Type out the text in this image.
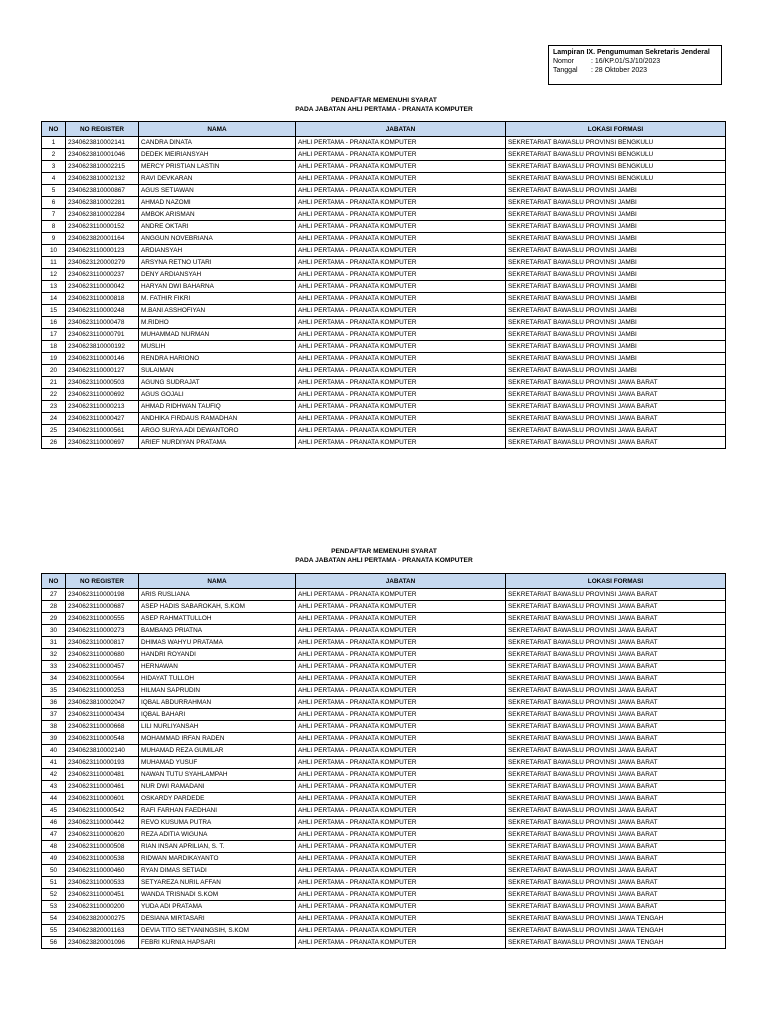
Lampiran IX. Pengumuman Sekretaris Jenderal
Nomor	: 16/KP.01/SJ/10/2023
Tanggal	: 28 Oktober 2023
PENDAFTAR MEMENUHI SYARAT
PADA JABATAN AHLI PERTAMA - PRANATA KOMPUTER
NO	NO REGISTER	NAMA	JABATAN	LOKASI FORMASI
1	2340623810002141	CANDRA DINATA	AHLI PERTAMA - PRANATA KOMPUTER	SEKRETARIAT BAWASLU PROVINSI BENGKULU
2	2340623810001046	DEDEK MEIRIANSYAH	AHLI PERTAMA - PRANATA KOMPUTER	SEKRETARIAT BAWASLU PROVINSI BENGKULU
3	2340623810002215	MERCY PRISTIAN LASTIN	AHLI PERTAMA - PRANATA KOMPUTER	SEKRETARIAT BAWASLU PROVINSI BENGKULU
4	2340623810002132	RAVI DEVKARAN	AHLI PERTAMA - PRANATA KOMPUTER	SEKRETARIAT BAWASLU PROVINSI BENGKULU
5	2340623810000867	AGUS SETIAWAN	AHLI PERTAMA - PRANATA KOMPUTER	SEKRETARIAT BAWASLU PROVINSI JAMBI
6	2340623810002281	AHMAD NAZOMI	AHLI PERTAMA - PRANATA KOMPUTER	SEKRETARIAT BAWASLU PROVINSI JAMBI
7	2340623810002284	AMBOK ARISMAN	AHLI PERTAMA - PRANATA KOMPUTER	SEKRETARIAT BAWASLU PROVINSI JAMBI
8	2340623110000152	ANDRE OKTARI	AHLI PERTAMA - PRANATA KOMPUTER	SEKRETARIAT BAWASLU PROVINSI JAMBI
9	2340623820001164	ANGGUN NOVEBRIANA	AHLI PERTAMA - PRANATA KOMPUTER	SEKRETARIAT BAWASLU PROVINSI JAMBI
10	2340623110000123	ARDIANSYAH	AHLI PERTAMA - PRANATA KOMPUTER	SEKRETARIAT BAWASLU PROVINSI JAMBI
11	2340623120000279	ARSYNA RETNO UTARI	AHLI PERTAMA - PRANATA KOMPUTER	SEKRETARIAT BAWASLU PROVINSI JAMBI
12	2340623110000237	DENY ARDIANSYAH	AHLI PERTAMA - PRANATA KOMPUTER	SEKRETARIAT BAWASLU PROVINSI JAMBI
13	2340623110000042	HARYAN DWI BAHARNA	AHLI PERTAMA - PRANATA KOMPUTER	SEKRETARIAT BAWASLU PROVINSI JAMBI
14	2340623110000818	M. FATHIR FIKRI	AHLI PERTAMA - PRANATA KOMPUTER	SEKRETARIAT BAWASLU PROVINSI JAMBI
15	2340623110000248	M.BANI ASSHOFIYAN	AHLI PERTAMA - PRANATA KOMPUTER	SEKRETARIAT BAWASLU PROVINSI JAMBI
16	2340623110000478	M.RIDHO	AHLI PERTAMA - PRANATA KOMPUTER	SEKRETARIAT BAWASLU PROVINSI JAMBI
17	2340623110000791	MUHAMMAD NURMAN	AHLI PERTAMA - PRANATA KOMPUTER	SEKRETARIAT BAWASLU PROVINSI JAMBI
18	2340623810000192	MUSLIH	AHLI PERTAMA - PRANATA KOMPUTER	SEKRETARIAT BAWASLU PROVINSI JAMBI
19	2340623110000146	RENDRA HARIONO	AHLI PERTAMA - PRANATA KOMPUTER	SEKRETARIAT BAWASLU PROVINSI JAMBI
20	2340623110000127	SULAIMAN	AHLI PERTAMA - PRANATA KOMPUTER	SEKRETARIAT BAWASLU PROVINSI JAMBI
21	2340623110000503	AGUNG SUDRAJAT	AHLI PERTAMA - PRANATA KOMPUTER	SEKRETARIAT BAWASLU PROVINSI JAWA BARAT
22	2340623110000692	AGUS GOJALI	AHLI PERTAMA - PRANATA KOMPUTER	SEKRETARIAT BAWASLU PROVINSI JAWA BARAT
23	2340623110000213	AHMAD RIDHWAN TAUFIQ	AHLI PERTAMA - PRANATA KOMPUTER	SEKRETARIAT BAWASLU PROVINSI JAWA BARAT
24	2340623110000427	ANDHIKA FIRDAUS RAMADHAN	AHLI PERTAMA - PRANATA KOMPUTER	SEKRETARIAT BAWASLU PROVINSI JAWA BARAT
25	2340623110000561	ARGO SURYA ADI DEWANTORO	AHLI PERTAMA - PRANATA KOMPUTER	SEKRETARIAT BAWASLU PROVINSI JAWA BARAT
26	2340623110000697	ARIEF NURDIYAN PRATAMA	AHLI PERTAMA - PRANATA KOMPUTER	SEKRETARIAT BAWASLU PROVINSI JAWA BARAT
PENDAFTAR MEMENUHI SYARAT
PADA JABATAN AHLI PERTAMA - PRANATA KOMPUTER
NO	NO REGISTER	NAMA	JABATAN	LOKASI FORMASI
27	2340623110000198	ARIS RUSLIANA	AHLI PERTAMA - PRANATA KOMPUTER	SEKRETARIAT BAWASLU PROVINSI JAWA BARAT
28	2340623110000687	ASEP HADIS SABAROKAH, S.KOM	AHLI PERTAMA - PRANATA KOMPUTER	SEKRETARIAT BAWASLU PROVINSI JAWA BARAT
29	2340623110000555	ASEP RAHMATTULLOH	AHLI PERTAMA - PRANATA KOMPUTER	SEKRETARIAT BAWASLU PROVINSI JAWA BARAT
30	2340623110000273	BAMBANG PRIATNA	AHLI PERTAMA - PRANATA KOMPUTER	SEKRETARIAT BAWASLU PROVINSI JAWA BARAT
31	2340623110000817	DHIMAS WAHYU PRATAMA	AHLI PERTAMA - PRANATA KOMPUTER	SEKRETARIAT BAWASLU PROVINSI JAWA BARAT
32	2340623110000680	HANDRI ROYANDI	AHLI PERTAMA - PRANATA KOMPUTER	SEKRETARIAT BAWASLU PROVINSI JAWA BARAT
33	2340623110000457	HERNAWAN	AHLI PERTAMA - PRANATA KOMPUTER	SEKRETARIAT BAWASLU PROVINSI JAWA BARAT
34	2340623110000564	HIDAYAT TULLOH	AHLI PERTAMA - PRANATA KOMPUTER	SEKRETARIAT BAWASLU PROVINSI JAWA BARAT
35	2340623110000253	HILMAN SAPRUDIN	AHLI PERTAMA - PRANATA KOMPUTER	SEKRETARIAT BAWASLU PROVINSI JAWA BARAT
36	2340623810002047	IQBAL ABDURRAHMAN	AHLI PERTAMA - PRANATA KOMPUTER	SEKRETARIAT BAWASLU PROVINSI JAWA BARAT
37	2340623110000434	IQBAL BAHARI	AHLI PERTAMA - PRANATA KOMPUTER	SEKRETARIAT BAWASLU PROVINSI JAWA BARAT
38	2340623110000668	LILI NURLIYANSAH	AHLI PERTAMA - PRANATA KOMPUTER	SEKRETARIAT BAWASLU PROVINSI JAWA BARAT
39	2340623110000548	MOHAMMAD IRFAN RADEN	AHLI PERTAMA - PRANATA KOMPUTER	SEKRETARIAT BAWASLU PROVINSI JAWA BARAT
40	2340623810002140	MUHAMAD REZA GUMILAR	AHLI PERTAMA - PRANATA KOMPUTER	SEKRETARIAT BAWASLU PROVINSI JAWA BARAT
41	2340623110000193	MUHAMAD YUSUF	AHLI PERTAMA - PRANATA KOMPUTER	SEKRETARIAT BAWASLU PROVINSI JAWA BARAT
42	2340623110000481	NAWAN TUTU SYAHLAMPAH	AHLI PERTAMA - PRANATA KOMPUTER	SEKRETARIAT BAWASLU PROVINSI JAWA BARAT
43	2340623110000461	NUR DWI RAMADANI	AHLI PERTAMA - PRANATA KOMPUTER	SEKRETARIAT BAWASLU PROVINSI JAWA BARAT
44	2340623110000601	OSKARDY PARDEDE	AHLI PERTAMA - PRANATA KOMPUTER	SEKRETARIAT BAWASLU PROVINSI JAWA BARAT
45	2340623110000542	RAFI FARHAN FAEDHANI	AHLI PERTAMA - PRANATA KOMPUTER	SEKRETARIAT BAWASLU PROVINSI JAWA BARAT
46	2340623110000442	REVO KUSUMA PUTRA	AHLI PERTAMA - PRANATA KOMPUTER	SEKRETARIAT BAWASLU PROVINSI JAWA BARAT
47	2340623110000620	REZA ADITIA WIGUNA	AHLI PERTAMA - PRANATA KOMPUTER	SEKRETARIAT BAWASLU PROVINSI JAWA BARAT
48	2340623110000508	RIAN INSAN APRILIAN, S. T.	AHLI PERTAMA - PRANATA KOMPUTER	SEKRETARIAT BAWASLU PROVINSI JAWA BARAT
49	2340623110000538	RIDWAN MARDIKAYANTO	AHLI PERTAMA - PRANATA KOMPUTER	SEKRETARIAT BAWASLU PROVINSI JAWA BARAT
50	2340623110000460	RYAN DIMAS SETIADI	AHLI PERTAMA - PRANATA KOMPUTER	SEKRETARIAT BAWASLU PROVINSI JAWA BARAT
51	2340623110000533	SETYAREZA NURIL AFFAN	AHLI PERTAMA - PRANATA KOMPUTER	SEKRETARIAT BAWASLU PROVINSI JAWA BARAT
52	2340623110000451	WANDA TRISNADI S.KOM	AHLI PERTAMA - PRANATA KOMPUTER	SEKRETARIAT BAWASLU PROVINSI JAWA BARAT
53	2340623110000200	YUDA ADI PRATAMA	AHLI PERTAMA - PRANATA KOMPUTER	SEKRETARIAT BAWASLU PROVINSI JAWA BARAT
54	2340623820000275	DESIANA MIRTASARI	AHLI PERTAMA - PRANATA KOMPUTER	SEKRETARIAT BAWASLU PROVINSI JAWA TENGAH
55	2340623820001163	DEVIA TITO SETYANINGSIH, S.KOM	AHLI PERTAMA - PRANATA KOMPUTER	SEKRETARIAT BAWASLU PROVINSI JAWA TENGAH
56	2340623820001096	FEBRI KURNIA HAPSARI	AHLI PERTAMA - PRANATA KOMPUTER	SEKRETARIAT BAWASLU PROVINSI JAWA TENGAH
